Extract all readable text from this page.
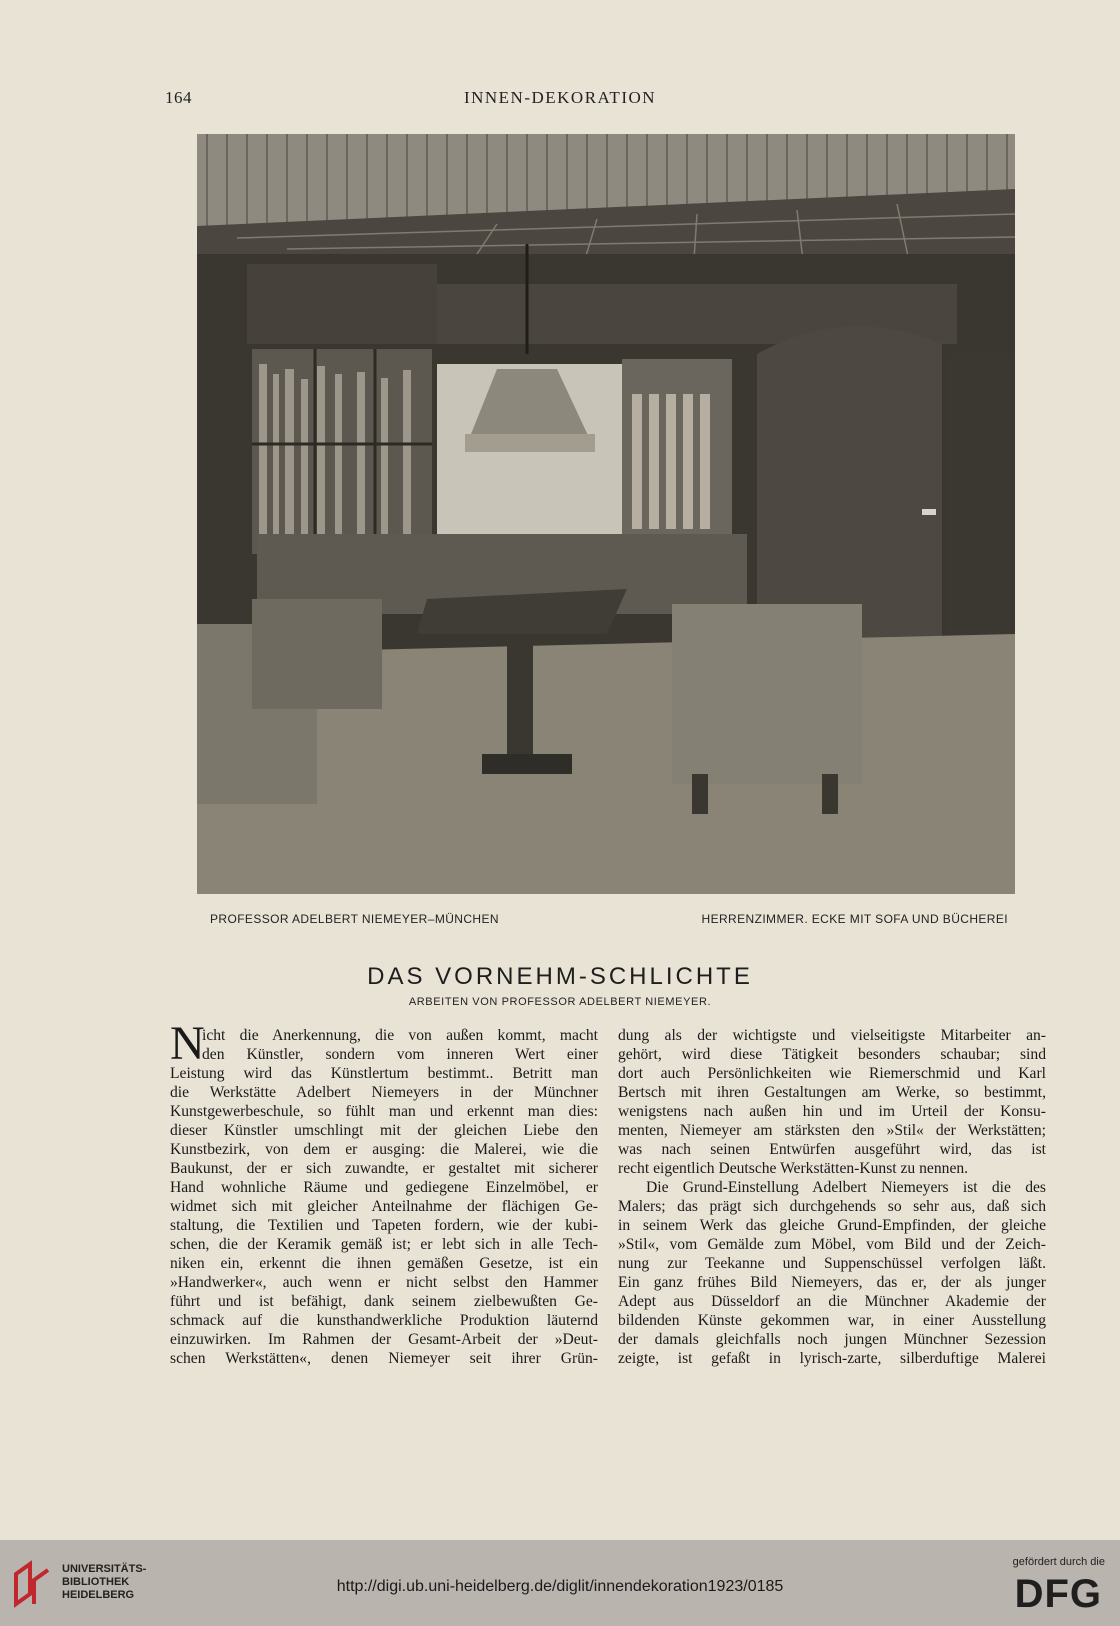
164	INNEN-DEKORATION
PROFESSOR ADELBERT NIEMEYER–MÜNCHEN	HERRENZIMMER. ECKE MIT SOFA UND BÜCHEREI
DAS VORNEHM-SCHLICHTE
ARBEITEN VON PROFESSOR ADELBERT NIEMEYER.
N
icht die Anerkennung, die von außen kommt, macht
den Künstler, sondern vom inneren Wert einer
Leistung wird das Künstlertum bestimmt.. Betritt man
die Werkstätte Adelbert Niemeyers in der Münchner
Kunstgewerbeschule, so fühlt man und erkennt man dies:
dieser Künstler umschlingt mit der gleichen Liebe den
Kunstbezirk, von dem er ausging: die Malerei, wie die
Baukunst, der er sich zuwandte, er gestaltet mit sicherer
Hand wohnliche Räume und gediegene Einzelmöbel, er
widmet sich mit gleicher Anteilnahme der flächigen Ge-
staltung, die Textilien und Tapeten fordern, wie der kubi-
schen, die der Keramik gemäß ist; er lebt sich in alle Tech-
niken ein, erkennt die ihnen gemäßen Gesetze, ist ein
»Handwerker«, auch wenn er nicht selbst den Hammer
führt und ist befähigt, dank seinem zielbewußten Ge-
schmack auf die kunsthandwerkliche Produktion läuternd
einzuwirken. Im Rahmen der Gesamt-Arbeit der »Deut-
schen Werkstätten«, denen Niemeyer seit ihrer Grün-
dung als der wichtigste und vielseitigste Mitarbeiter an-
gehört, wird diese Tätigkeit besonders schaubar; sind
dort auch Persönlichkeiten wie Riemerschmid und Karl
Bertsch mit ihren Gestaltungen am Werke, so bestimmt,
wenigstens nach außen hin und im Urteil der Konsu-
menten, Niemeyer am stärksten den »Stil« der Werkstätten;
was nach seinen Entwürfen ausgeführt wird, das ist
recht eigentlich Deutsche Werkstätten-Kunst zu nennen.
Die Grund-Einstellung Adelbert Niemeyers ist die des
Malers; das prägt sich durchgehends so sehr aus, daß sich
in seinem Werk das gleiche Grund-Empfinden, der gleiche
»Stil«, vom Gemälde zum Möbel, vom Bild und der Zeich-
nung zur Teekanne und Suppenschüssel verfolgen läßt.
Ein ganz frühes Bild Niemeyers, das er, der als junger
Adept aus Düsseldorf an die Münchner Akademie der
bildenden Künste gekommen war, in einer Ausstellung
der damals gleichfalls noch jungen Münchner Sezession
zeigte, ist gefaßt in lyrisch-zarte, silberduftige Malerei
UNIVERSITÄTS-
BIBLIOTHEK
HEIDELBERG	http://digi.ub.uni-heidelberg.de/diglit/innendekoration1923/0185
gefördert durch die
DFG
